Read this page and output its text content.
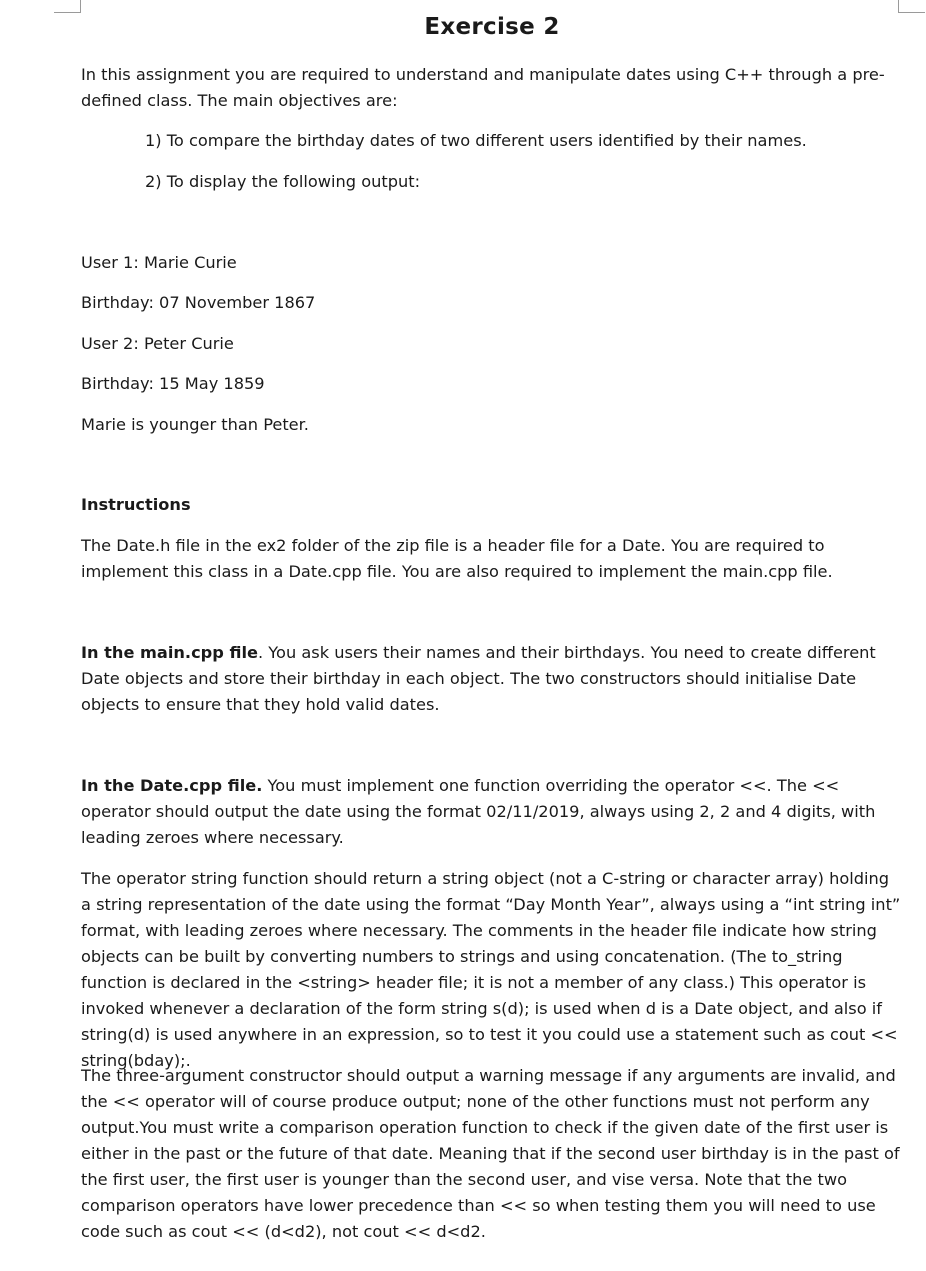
Exercise 2

In this assignment you are required to understand and manipulate dates using C++ through a pre-defined class. The main objectives are:

1) To compare the birthday dates of two different users identified by their names.

2) To display the following output:

User 1: Marie Curie

Birthday: 07 November 1867

User 2: Peter Curie

Birthday: 15 May 1859

Marie is younger than Peter.

Instructions

The Date.h file in the ex2 folder of the zip file is a header file for a Date. You are required to implement this class in a Date.cpp file. You are also required to implement the main.cpp file.

In the main.cpp file. You ask users their names and their birthdays. You need to create different Date objects and store their birthday in each object. The two constructors should initialise Date objects to ensure that they hold valid dates.

In the Date.cpp file. You must implement one function overriding the operator <<. The << operator should output the date using the format 02/11/2019, always using 2, 2 and 4 digits, with leading zeroes where necessary.

The operator string function should return a string object (not a C-string or character array) holding a string representation of the date using the format “Day Month Year”, always using a “int string int” format, with leading zeroes where necessary. The comments in the header file indicate how string objects can be built by converting numbers to strings and using concatenation. (The to_string function is declared in the <string> header file; it is not a member of any class.) This operator is invoked whenever a declaration of the form string s(d); is used when d is a Date object, and also if string(d) is used anywhere in an expression, so to test it you could use a statement such as cout << string(bday);.

The three-argument constructor should output a warning message if any arguments are invalid, and the << operator will of course produce output; none of the other functions must not perform any output.You must write a comparison operation function to check if the given date of the first user is either in the past or the future of that date. Meaning that if the second user birthday is in the past of the first user, the first user is younger than the second user, and vise versa. Note that the two comparison operators have lower precedence than << so when testing them you will need to use code such as cout << (d<d2), not cout << d<d2.
